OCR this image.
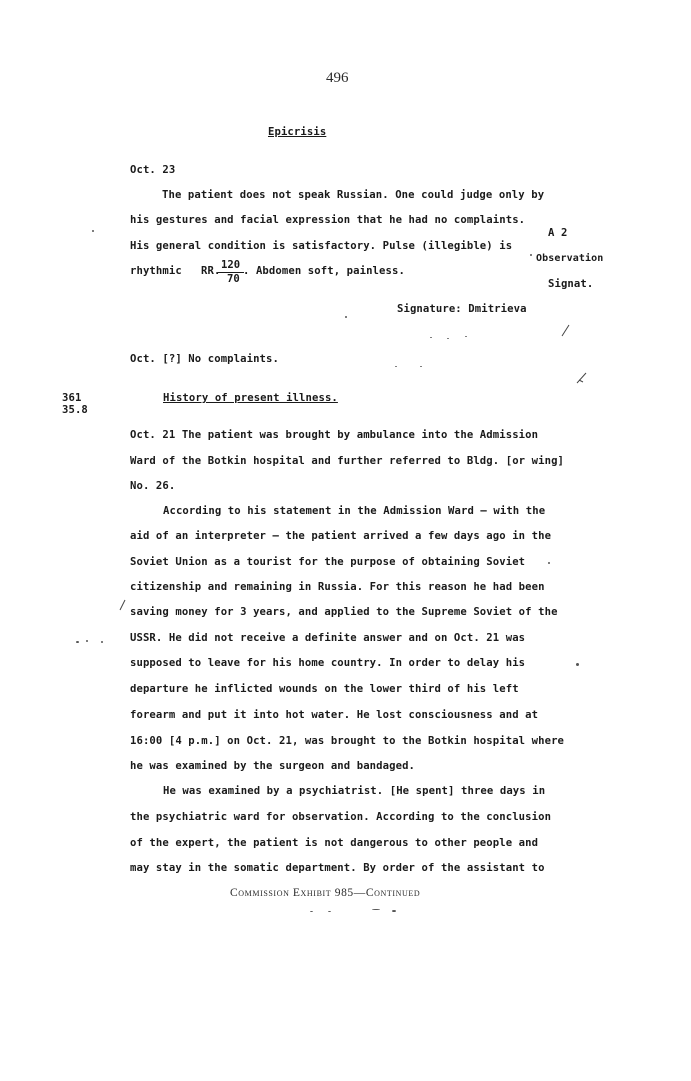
496
Epicrisis
Oct. 23
The patient does not speak Russian. One could judge only by
his gestures and facial expression that he had no complaints.
His general condition is satisfactory. Pulse (illegible) is
rhythmic RR. 120
70
. Abdomen soft, painless.
A 2
Observation
Signat.
Signature: Dmitrieva
Oct. [?] No complaints.
361
35.8
History of present illness.
Oct. 21 The patient was brought by ambulance into the Admission
Ward of the Botkin hospital and further referred to Bldg. [or wing]
No. 26.
According to his statement in the Admission Ward — with the
aid of an interpreter — the patient arrived a few days ago in the
Soviet Union as a tourist for the purpose of obtaining Soviet
citizenship and remaining in Russia. For this reason he had been
saving money for 3 years, and applied to the Supreme Soviet of the
USSR. He did not receive a definite answer and on Oct. 21 was
supposed to leave for his home country. In order to delay his
departure he inflicted wounds on the lower third of his left
forearm and put it into hot water. He lost consciousness and at
16:00 [4 p.m.] on Oct. 21, was brought to the Botkin hospital where
he was examined by the surgeon and bandaged.
He was examined by a psychiatrist. [He spent] three days in
the psychiatric ward for observation. According to the conclusion
of the expert, the patient is not dangerous to other people and
may stay in the somatic department. By order of the assistant to
Commission Exhibit 985—Continued
